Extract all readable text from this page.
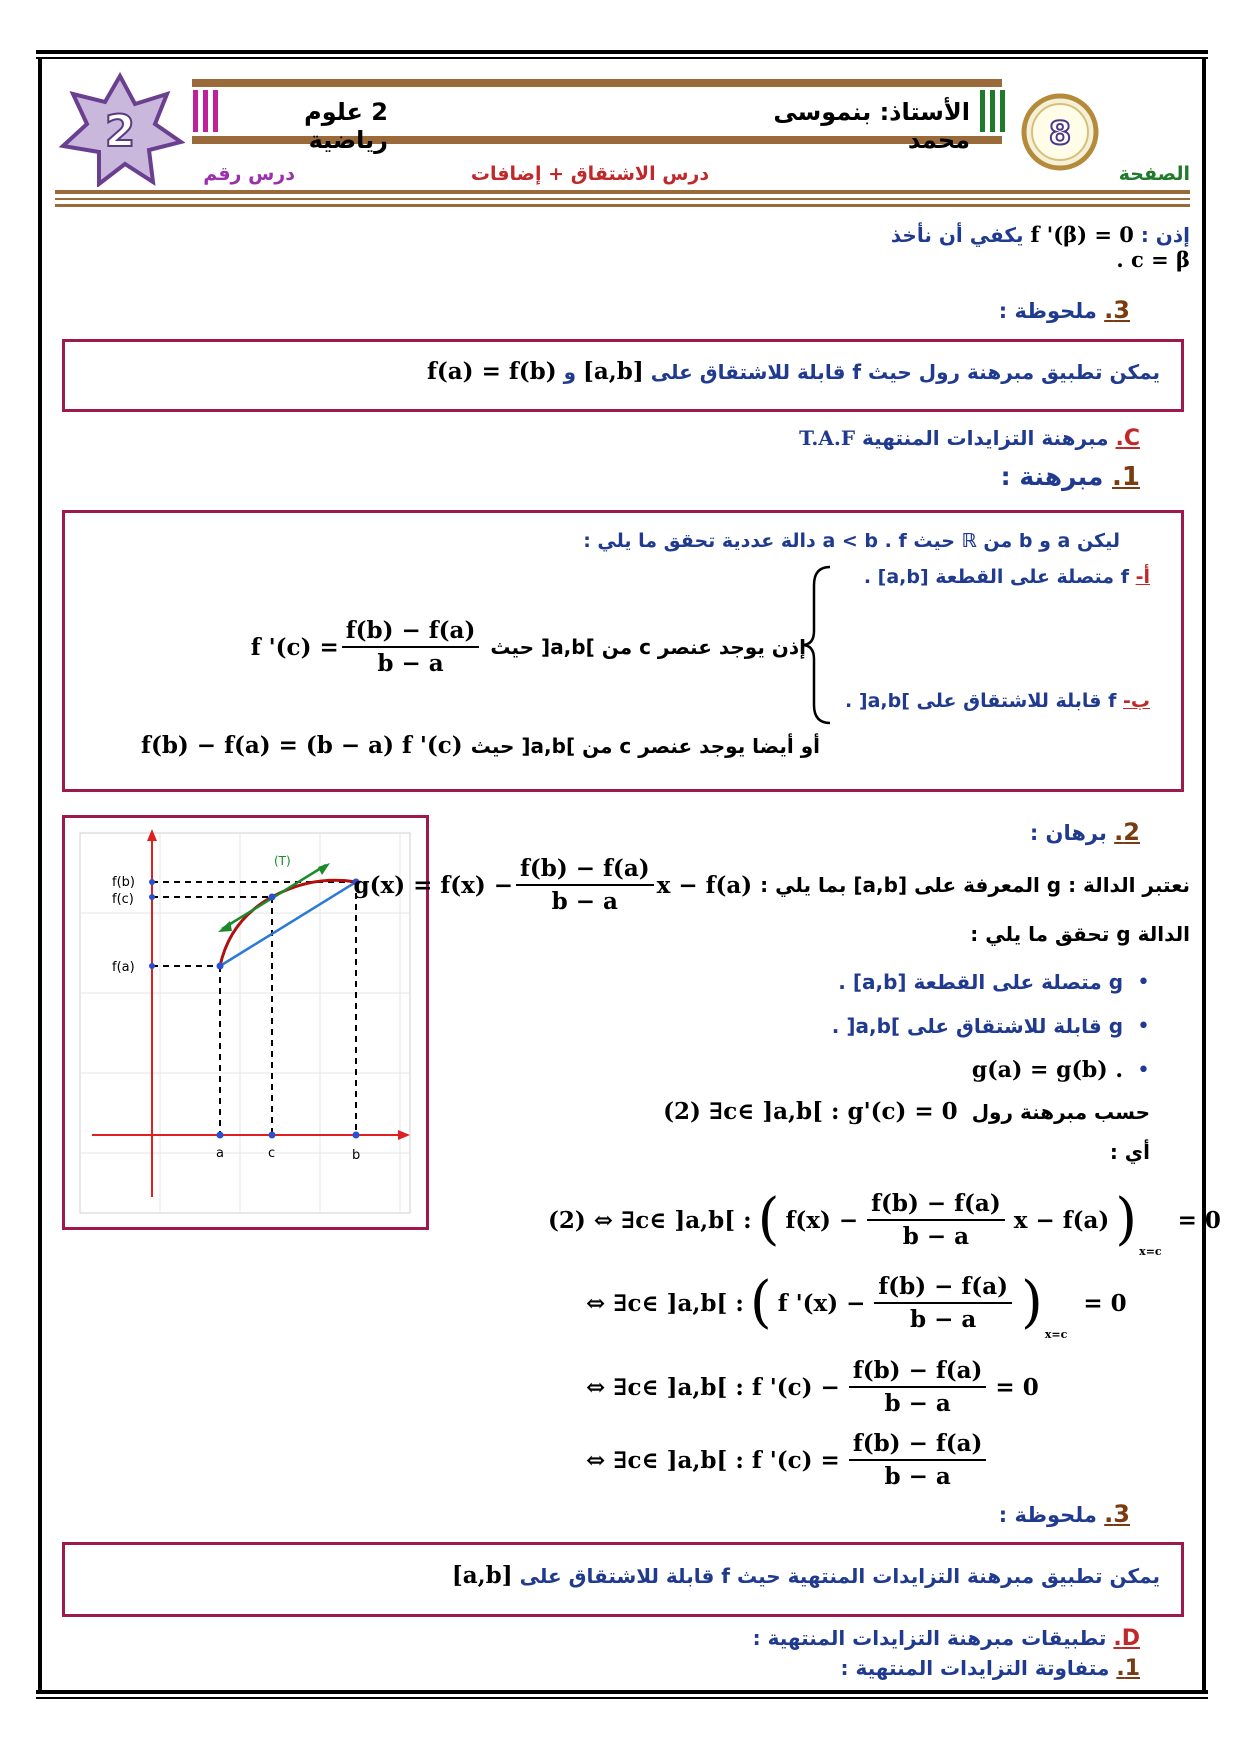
2	2 علوم رياضية
الأستاذ: بنموسى محمد
درس الاشتقاق + إضافات
درس رقم	الصفحة
8
إذن : f '(β) = 0 يكفي أن نأخذ c = β .
3. ملحوظة :
يمكن تطبيق مبرهنة رول حيث f قابلة للاشتقاق على [a,b] و f(a) = f(b)
C. مبرهنة التزايدات المنتهية T.A.F
1. مبرهنة :
ليكن a و b من ℝ حيث a < b . f دالة عددية تحقق ما يلي :
أ- f متصلة على القطعة [a,b] .
ب- f قابلة للاشتقاق على ]a,b[ .
إذن يوجد عنصر c من ]a,b[ حيث
f '$(c) = \frac{f(b) - f(a)}{b - a}$
أو أيضا يوجد عنصر c من ]a,b[ حيث
f(b) − f(a) = (b − a) f '(c)
f(b)
f(c)
f(a)
a	c	b
(T)
2. برهان :
نعتبر الدالة : g المعرفة على [a,b] بما يلي :
$g(x) = f(x) - \frac{f(b) - f(a)}{b - a}$ x − f(a)
الدالة g تحقق ما يلي :
•
g متصلة على القطعة [a,b] .
•
g قابلة للاشتقاق على ]a,b[ .
•
g(a) = g(b) .
حسب مبرهنة رول
(2) ∃c∈ ]a,b[ : g'(c) = 0
أي :
(2) ⇔ ∃c∈ ]a,b[ : ( $f(x) - \frac{f(b) - f(a)}{b - a}$ x − f(a) ) x=c
= 0
⇔ ∃c∈ ]a,b[ : ( f '$(x) - \frac{f(b) - f(a)}{b - a}$ ) x=c
= 0
⇔ ∃c∈ ]a,b[ : f '$(c) - \frac{f(b) - f(a)}{b - a} = 0$
⇔ ∃c∈ ]a,b[ : f '$(c) = \frac{f(b) - f(a)}{b - a}$
3. ملحوظة :
يمكن تطبيق مبرهنة التزايدات المنتهية حيث f قابلة للاشتقاق على [a,b]
D. تطبيقات مبرهنة التزايدات المنتهية :
1. متفاوتة التزايدات المنتهية :
